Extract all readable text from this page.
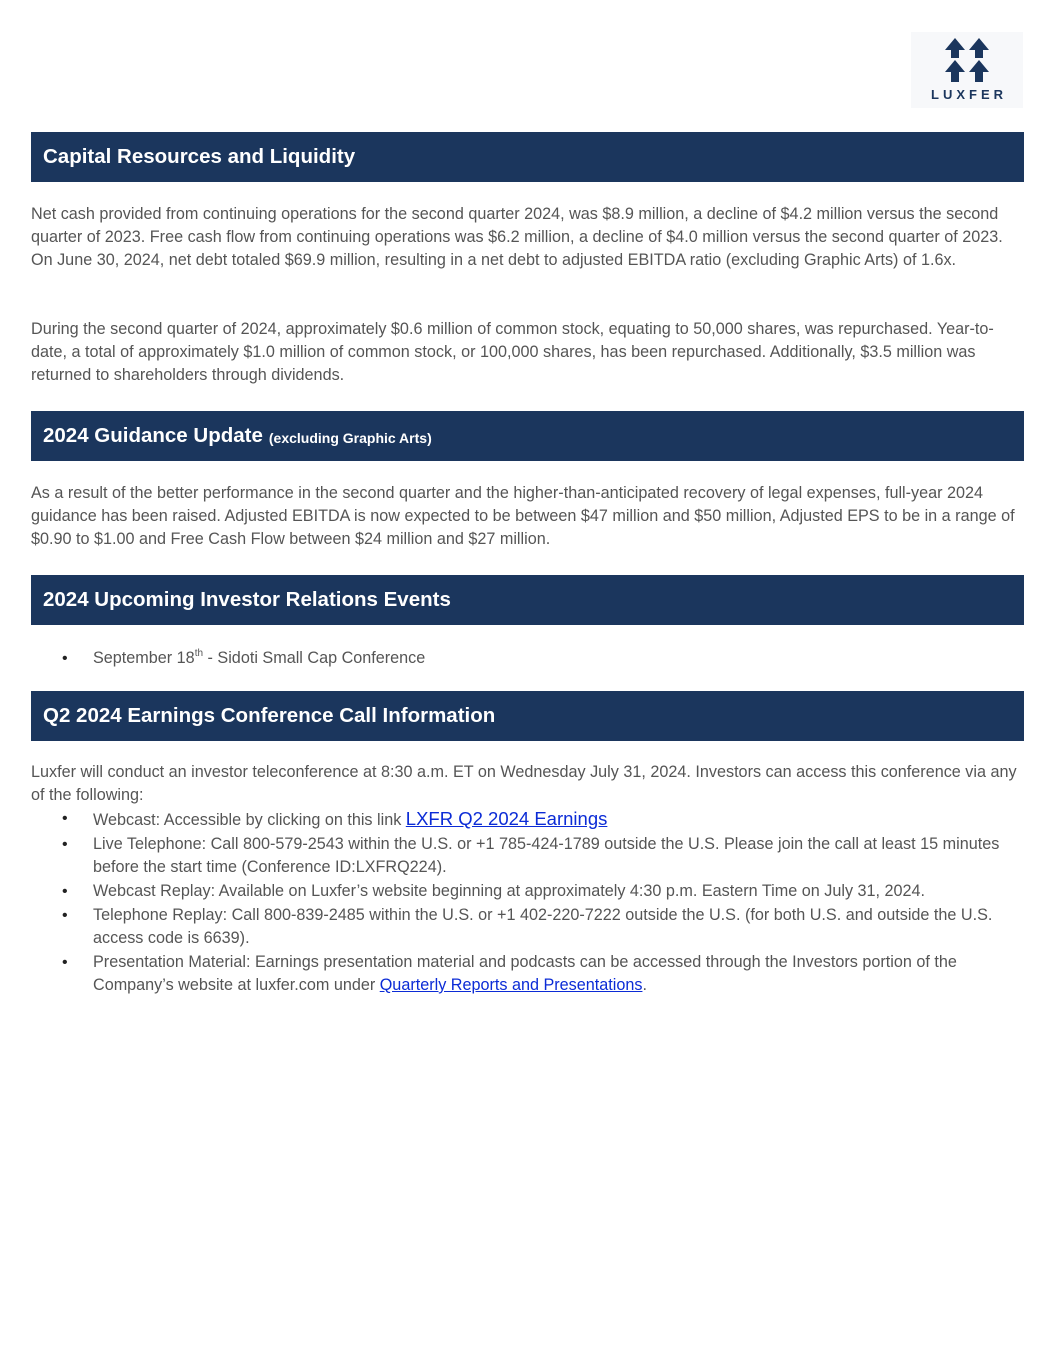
LUXFER
Capital Resources and Liquidity

Net cash provided from continuing operations for the second quarter 2024, was $8.9 million, a decline of $4.2 million versus the second quarter of 2023. Free cash flow from continuing operations was $6.2 million, a decline of $4.0 million versus the second quarter of 2023. On June 30, 2024, net debt totaled $69.9 million, resulting in a net debt to adjusted EBITDA ratio (excluding Graphic Arts) of 1.6x.

During the second quarter of 2024, approximately $0.6 million of common stock, equating to 50,000 shares, was repurchased. Year-to-date, a total of approximately $1.0 million of common stock, or 100,000 shares, has been repurchased. Additionally, $3.5 million was returned to shareholders through dividends.

2024 Guidance Update (excluding Graphic Arts)

As a result of the better performance in the second quarter and the higher-than-anticipated recovery of legal expenses, full-year 2024 guidance has been raised. Adjusted EBITDA is now expected to be between $47 million and $50 million, Adjusted EPS to be in a range of $0.90 to $1.00 and Free Cash Flow between $24 million and $27 million.

2024 Upcoming Investor Relations Events
• September 18th - Sidoti Small Cap Conference
Q2 2024 Earnings Conference Call Information

Luxfer will conduct an investor teleconference at 8:30 a.m. ET on Wednesday July 31, 2024. Investors can access this conference via any of the following:

• Webcast: Accessible by clicking on this link LXFR Q2 2024 Earnings
• Live Telephone: Call 800-579-2543 within the U.S. or +1 785-424-1789 outside the U.S. Please join the call at least 15 minutes before the start time (Conference ID:LXFRQ224).
• Webcast Replay: Available on Luxfer’s website beginning at approximately 4:30 p.m. Eastern Time on July 31, 2024.
• Telephone Replay: Call 800-839-2485 within the U.S. or +1 402-220-7222 outside the U.S. (for both U.S. and outside the U.S. access code is 6639).
• Presentation Material: Earnings presentation material and podcasts can be accessed through the Investors portion of the Company’s website at luxfer.com under Quarterly Reports and Presentations.
